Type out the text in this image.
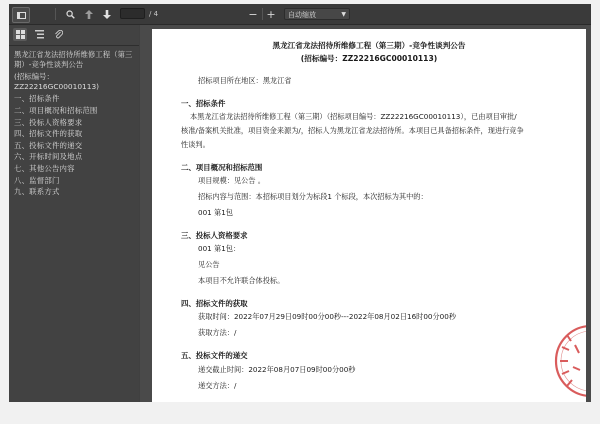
/ 4	− +	自动缩放	▼
黑龙江省龙法招待所维修工程（第三期）-竞争性谈判公告
(招标编号：ZZ22216GC00010113)
一、招标条件
二、项目概况和招标范围
三、投标人资格要求
四、招标文件的获取
五、投标文件的递交
六、开标时间及地点
七、其他公告内容
八、监督部门
九、联系方式
黑龙江省龙法招待所维修工程（第三期）-竞争性谈判公告
(招标编号：ZZ22216GC00010113)
招标项目所在地区：黑龙江省
一、招标条件
本黑龙江省龙法招待所维修工程（第三期）（招标项目编号：ZZ22216GC00010113），已由项目审批/
核准/备案机关批准，项目资金来源为/，招标人为黑龙江省龙法招待所。本项目已具备招标条件，现进行竞争
性谈判。
二、项目概况和招标范围
项目规模：见公告 。
招标内容与范围：本招标项目划分为标段1 个标段，本次招标为其中的：
001 第1包
三、投标人资格要求
001 第1包：
见公告
本项目不允许联合体投标。
四、招标文件的获取
获取时间：2022年07月29日09时00分00秒---2022年08月02日16时00分00秒
获取方法：/
五、投标文件的递交
递交截止时间：2022年08月07日09时00分00秒
递交方法：/
